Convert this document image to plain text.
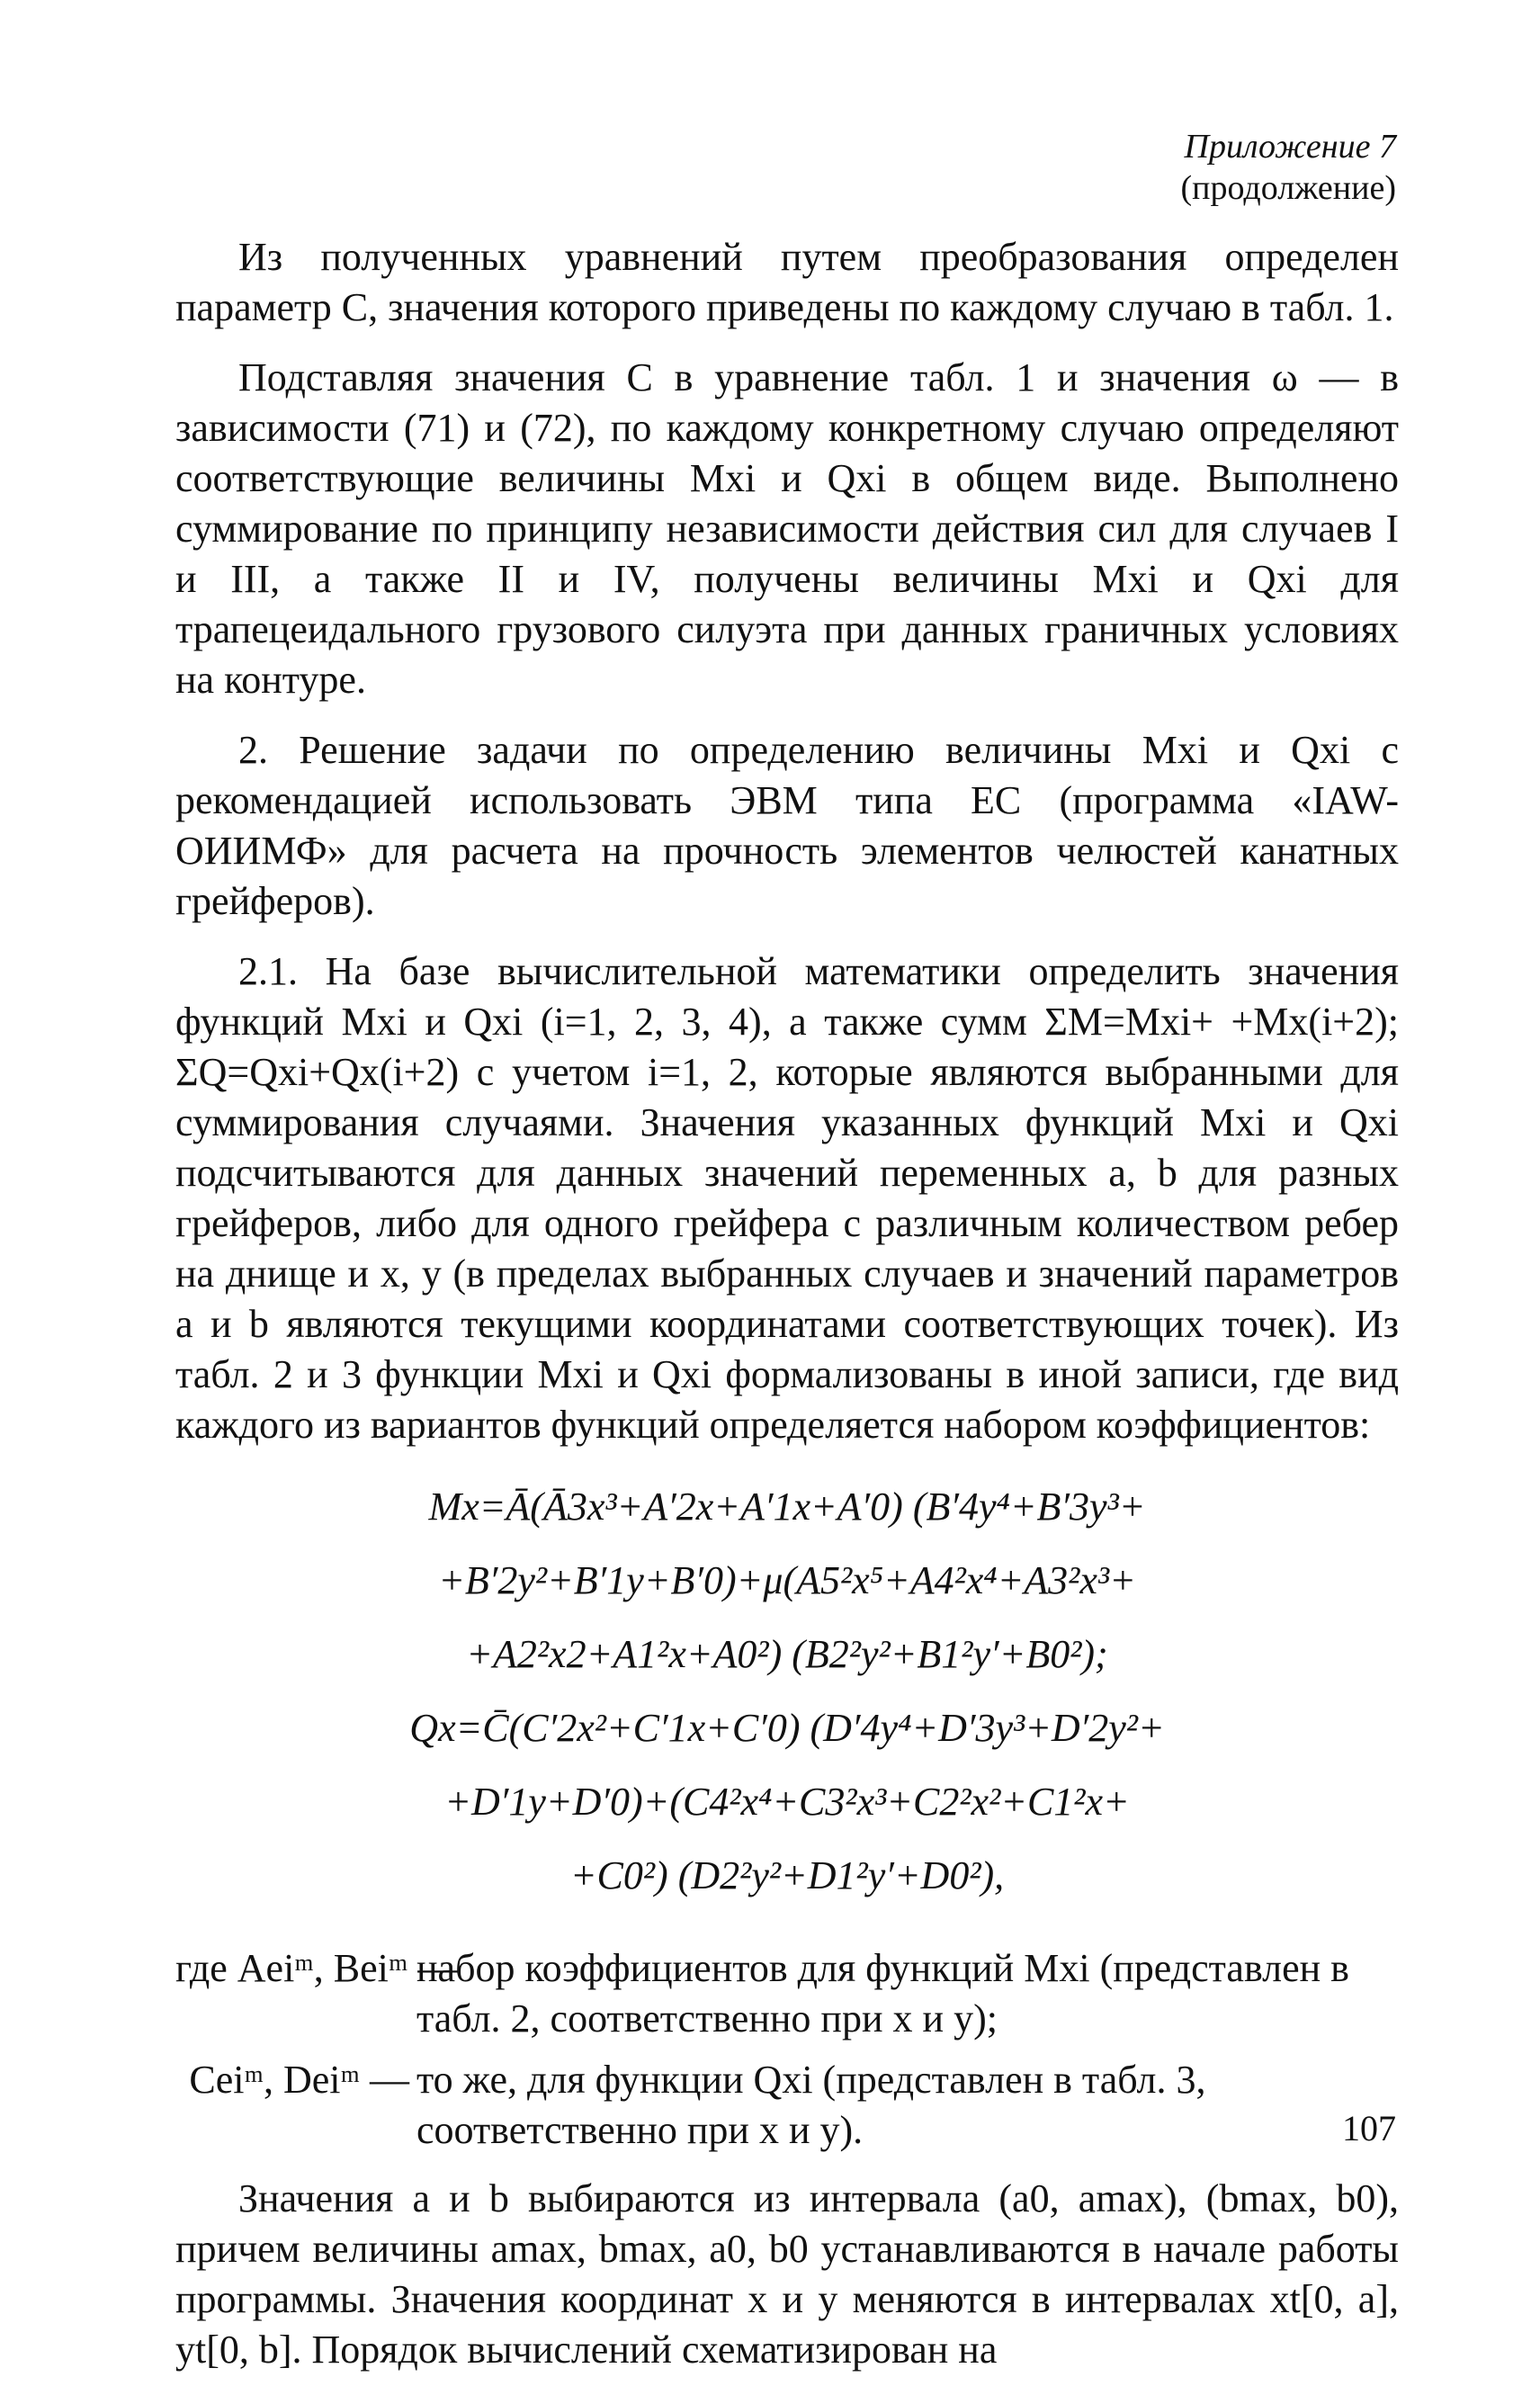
Приложение 7
(продолжение)

Из полученных уравнений путем преобразования определен параметр C, значения которого приведены по каждому случаю в табл. 1.

Подставляя значения C в уравнение табл. 1 и значения ω — в зависимости (71) и (72), по каждому конкретному случаю определяют соответствующие величины Mxi и Qxi в общем виде. Выполнено суммирование по принципу независимости действия сил для случаев I и III, а также II и IV, получены величины Mxi и Qxi для трапецеидального грузового силуэта при данных граничных условиях на контуре.

2. Решение задачи по определению величины Mxi и Qxi с рекомендацией использовать ЭВМ типа ЕС (программа «IAW-ОИИМФ» для расчета на прочность элементов челюстей канатных грейферов).

2.1. На базе вычислительной математики определить значения функций Mxi и Qxi (i=1, 2, 3, 4), а также сумм ΣM=Mxi+ +Mx(i+2); ΣQ=Qxi+Qx(i+2) с учетом i=1, 2, которые являются выбранными для суммирования случаями. Значения указанных функций Mxi и Qxi подсчитываются для данных значений переменных a, b для разных грейферов, либо для одного грейфера с различным количеством ребер на днище и x, y (в пределах выбранных случаев и значений параметров a и b являются текущими координатами соответствующих точек). Из табл. 2 и 3 функции Mxi и Qxi формализованы в иной записи, где вид каждого из вариантов функций определяется набором коэффициентов:

Mx=Ā(Ā3x³+A′2x+A′1x+A′0) (B′4y⁴+B′3y³+
+B′2y²+B′1y+B′0)+μ(A5²x⁵+A4²x⁴+A3²x³+
+A2²x2+A1²x+A0²) (B2²y²+B1²y′+B0²);
Qx=C̄(C′2x²+C′1x+C′0) (D′4y⁴+D′3y³+D′2y²+
+D′1y+D′0)+(C4²x⁴+C3²x³+C2²x²+C1²x+
+C0²) (D2²y²+D1²y′+D0²),
где Aeiᵐ, Beiᵐ —
набор коэффициентов для функций Mxi (представлен в табл. 2, соответственно при x и y);
Ceiᵐ, Deiᵐ — то же, для функции Qxi (представлен в табл. 3, соответственно при x и y).

Значения a и b выбираются из интервала (a0, amax), (bmax, b0), причем величины amax, bmax, a0, b0 устанавливаются в начале работы программы. Значения координат x и y меняются в интервалах xt[0, a], yt[0, b]. Порядок вычислений схематизирован на

107
